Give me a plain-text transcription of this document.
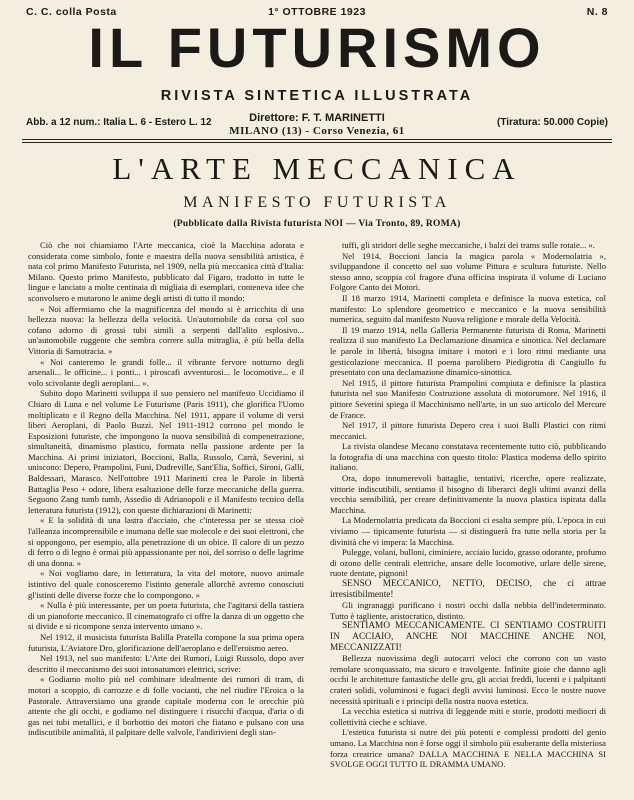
C. C. colla Posta	1° OTTOBRE 1923	N. 8
IL FUTURISMO
RIVISTA SINTETICA ILLUSTRATA
Abb. a 12 num.: Italia L. 6 - Estero L. 12	Direttore: F. T. MARINETTI
MILANO (13) - Corso Venezia, 61
(Tiratura: 50.000 Copie)
L'ARTE MECCANICA
MANIFESTO FUTURISTA
(Pubblicato dalla Rivista futurista NOI — Via Tronto, 89, ROMA)

Ciò che noi chiamiamo l'Arte meccanica, cioè la Macchina adorata e considerata come simbolo, fonte e maestra della nuova sensibilità artistica, è nata col primo Manifesto Futurista, nel 1909, nella più meccanica città d'Italia: Milano. Questo primo Manifesto, pubblicato dal Figaro, tradotto in tutte le lingue e lanciato a molte centinaia di migliaia di esemplari, conteneva idee che sconvolsero e mutarono le anime degli artisti di tutto il mondo:

« Noi affermiamo che la magnificenza del mondo si è arricchita di una bellezza nuova: la bellezza della velocità. Un'automobile da corsa col suo cofano adorno di grossi tubi simili a serpenti dall'alito esplosivo... un'automobile ruggente che sembra correre sulla mitraglia, è più bella della Vittoria di Samotracia. »

« Noi canteremo le grandi folle... il vibrante fervore notturno degli arsenali... le officine... i ponti... i piroscafi avventurosi... le locomotive... e il volo scivolante degli aeroplani... ».

Subito dopo Marinetti sviluppa il suo pensiero nel manifesto Uccidiamo il Chiaro di Luna e nel volume Le Futurisme (Paris 1911), che glorifica l'Uomo moltiplicato e il Regno della Macchina. Nel 1911, appare il volume di versi liberi Aeroplani, di Paolo Buzzi. Nel 1911-1912 corrono pel mondo le Esposizioni futuriste, che impongono la nuova sensibilità di compenetrazione, simultaneità, dinamismo plastico, formata nella passione ardente per la Macchina. Ai primi iniziatori, Boccioni, Balla, Russolo, Carrà, Severini, si uniscono: Depero, Prampolini, Funi, Dudreville, Sant'Elia, Soffici, Sironi, Galli, Baldessari, Marasco. Nell'ottobre 1911 Marinetti crea le Parole in libertà Battaglia Peso + odore, libera esaltazione delle forze meccaniche della guerra. Seguono Zang tumb tumb, Assedio di Adrianopoli e il Manifesto tecnico della letteratura futurista (1912), con queste dichiarazioni di Marinetti:

« E la solidità di una lastra d'acciaio, che c'interessa per se stessa cioè l'alleanza incomprensibile e inumana delle sue molecole e dei suoi elettroni, che si oppongono, per esempio, alla penetrazione di un obice. Il calore di un pezzo di ferro o di legno è ormai più appassionante per noi, del sorriso o delle lagrime di una donna. »

« Noi vogliamo dare, in letteratura, la vita del motore, nuovo animale istintivo del quale conosceremo l'istinto generale allorchè avremo conosciuti gl'istinti delle diverse forze che lo compongono. »

« Nulla è più interessante, per un poeta futurista, che l'agitarsi della tastiera di un pianoforte meccanico. Il cinematografo ci offre la danza di un oggetto che si divide e si ricompone senza intervento umano ».

Nel 1912, il musicista futurista Balilla Pratella compone la sua prima opera futurista, L'Aviatore Dro, glorificazione dell'aeroplano e dell'eroismo aereo.

Nel 1913, nel suo manifesto: L'Arte dei Rumori, Luigi Russolo, dopo aver descritto il meccanismo dei suoi intonatumori elettrici, scrive:

« Godiamo molto più nel combinare idealmente dei rumori di tram, di motori a scoppio, di carrozze e di folle vocianti, che nel riudire l'Eroica o la Pastorale. Attraversiamo una grande capitale moderna con le orecchie più attente che gli occhi, e godiamo nel distinguere i risucchi d'acqua, d'aria o di gas nei tubi metallici, e il borbottio dei motori che fiatano e pulsano con una indiscutibile animalità, il palpitare delle valvole, l'andirivieni degli stan-

tuffi, gli stridori delle seghe meccaniche, i balzi dei trams sulle rotaie... ».

Nel 1914, Boccioni lancia la magica parola « Modernolatria », sviluppandone il concetto nel suo volume Pittura e scultura futuriste. Nello stesso anno, scoppia col fragore d'una officina inspirata il volume di Luciano Folgore Canto dei Motori.

Il 18 marzo 1914, Marinetti completa e definisce la nuova estetica, col manifesto: Lo splendore geometrico e meccanico e la nuova sensibilità numerica, seguito dal manifesto Nuova religione e morale della Velocità.

Il 19 marzo 1914, nella Galleria Permanente futurista di Roma, Marinetti realizza il suo manifesto La Declamazione dinamica e sinottica. Nel declamare le parole in libertà, bisogna imitare i motori e i loro ritmi mediante una gesticolazione meccanica. Il poema parolibero Piedigrotta di Cangiullo fu presentato con una declamazione dinamico-sinottica.

Nel 1915, il pittore futurista Prampolini compiuta e definisce la plastica futurista nel suo Manifesto Costruzione assoluta di motorumore. Nel 1916, il pittore Severini spiega il Macchinismo nell'arte, in un suo articolo del Mercure de France.

Nel 1917, il pittore futurista Depero crea i suoi Balli Plastici con ritmi meccanici.

La rivista olandese Mecano constatava recentemente tutto ciò, pubblicando la fotografia di una macchina con questo titolo: Plastica moderna dello spirito italiano.

Ora, dopo innumerevoli battaglie, tentativi, ricerche, opere realizzate, vittorie indiscutibili, sentiamo il bisogno di liberarci degli ultimi avanzi della vecchia sensibilità, per creare definitivamente la nuova plastica ispirata dalla Macchina.

La Modernolatria predicata da Boccioni ci esalta sempre più. L'epoca in cui viviamo — tipicamente futurista — si distinguerà fra tutte nella storia per la divinità che vi impera: la Macchina.

Pulegge, volani, bulloni, ciminiere, acciaio lucido, grasso odorante, profumo di ozono delle centrali elettriche, ansare delle locomotive, urlare delle sirene, ruote dentate, pignoni!

SENSO MECCANICO, NETTO, DECISO, che ci attrae irresistibilmente!

Gli ingranaggi purificano i nostri occhi dalla nebbia dell'indeterminato. Tutto è tagliente, aristocratico, distinto.

SENTIAMO MECCANICAMENTE. CI SENTIAMO COSTRUITI IN ACCIAIO, ANCHE NOI MACCHINE ANCHE NOI, MECCANIZZATI!

Bellezza nuovissima degli autocarri veloci che corrono con un vasto remolare sconquassato, ma sicuro e travolgente. Infinite gioie che danno agli occhi le architetture fantastiche delle gru, gli acciai freddi, lucenti e i palpitanti crateri solidi, voluminosi e fugaci degli avvisi luminosi. Ecco le nostre nuove necessità spirituali e i principi della nostra nuova estetica.

La vecchia estetica si nutriva di leggende miti e storie, prodotti mediocri di collettività cieche e schiave.

L'estetica futurista si nutre dei più potenti e complessi prodotti del genio umano. La Macchina non è forse oggi il simbolo più esuberante della misteriosa forza creatrice umana? DALLA MACCHINA E NELLA MACCHINA SI SVOLGE OGGI TUTTO IL DRAMMA UMANO.
